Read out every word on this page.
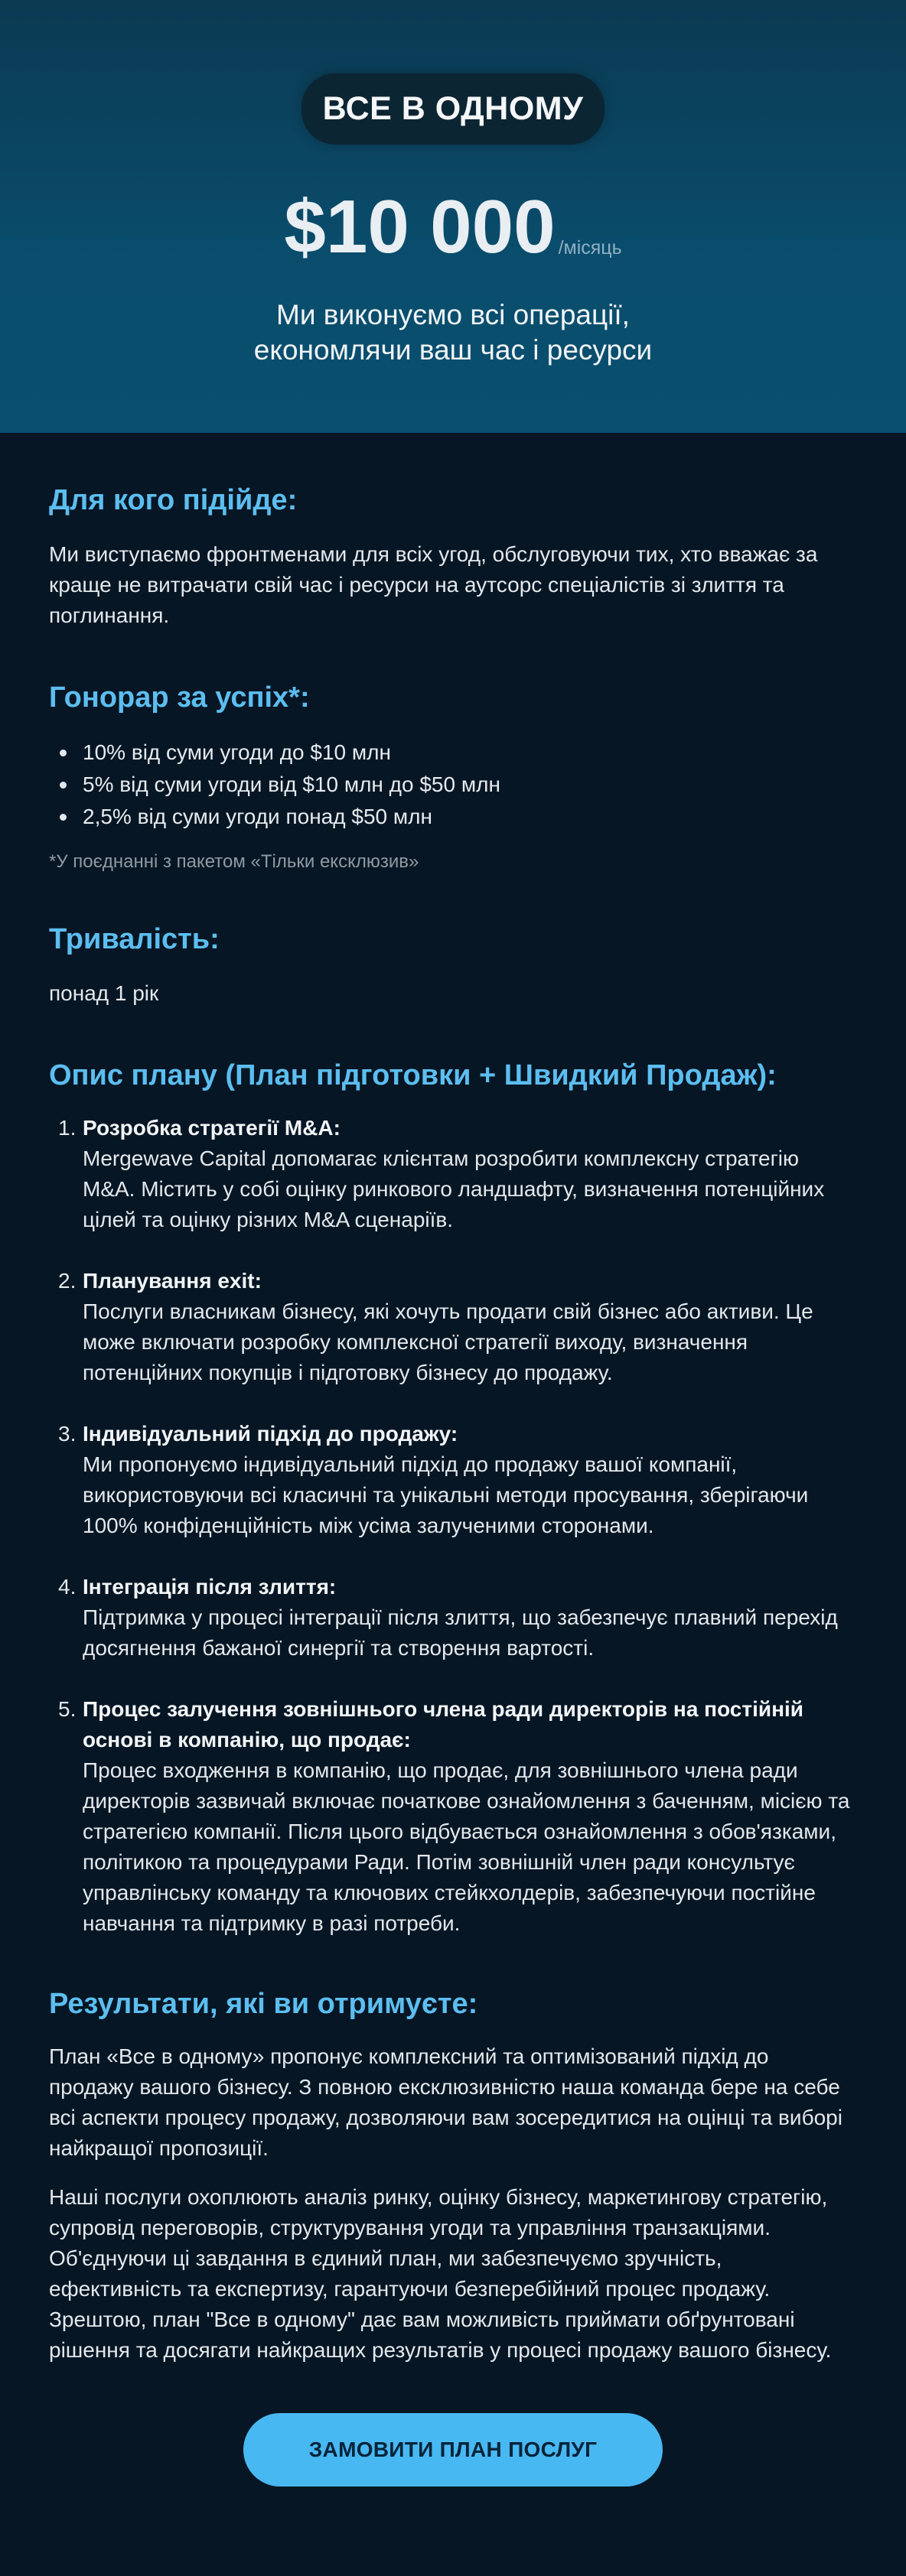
ВСЕ В ОДНОМУ
$10 000 /місяць
Ми виконуємо всі операції,
економлячи ваш час і ресурси
Для кого підійде:

Ми виступаємо фронтменами для всіх угод, обслуговуючи тих, хто вважає за краще не витрачати свій час і ресурси на аутсорс спеціалістів зі злиття та поглинання.

Гонорар за успіх*:
10% від суми угоди до $10 млн
5% від суми угоди від $10 млн до $50 млн
2,5% від суми угоди понад $50 млн

*У поєднанні з пакетом «Тільки ексклюзив»

Тривалість:

понад 1 рік

Опис плану (План підготовки + Швидкий Продаж):
1. Розробка стратегії M&A:
Mergewave Capital допомагає клієнтам розробити комплексну стратегію M&A. Містить у собі оцінку ринкового ландшафту, визначення потенційних цілей та оцінку різних M&A сценаріїв.
2. Планування exit:
Послуги власникам бізнесу, які хочуть продати свій бізнес або активи. Це може включати розробку комплексної стратегії виходу, визначення потенційних покупців і підготовку бізнесу до продажу.
3. Індивідуальний підхід до продажу:
Ми пропонуємо індивідуальний підхід до продажу вашої компанії, використовуючи всі класичні та унікальні методи просування, зберігаючи 100% конфіденційність між усіма залученими сторонами.
4. Інтеграція після злиття:
Підтримка у процесі інтеграції після злиття, що забезпечує плавний перехід досягнення бажаної синергії та створення вартості.
5. Процес залучення зовнішнього члена ради директорів на постійній основі в компанію, що продає:
Процес входження в компанію, що продає, для зовнішнього члена ради директорів зазвичай включає початкове ознайомлення з баченням, місією та стратегією компанії. Після цього відбувається ознайомлення з обов'язками, політикою та процедурами Ради. Потім зовнішній член ради консультує управлінську команду та ключових стейкхолдерів, забезпечуючи постійне навчання та підтримку в разі потреби.
Результати, які ви отримуєте:

План «Все в одному» пропонує комплексний та оптимізований підхід до продажу вашого бізнесу. З повною ексклюзивністю наша команда бере на себе всі аспекти процесу продажу, дозволяючи вам зосередитися на оцінці та виборі найкращої пропозиції.

Наші послуги охоплюють аналіз ринку, оцінку бізнесу, маркетингову стратегію, супровід переговорів, структурування угоди та управління транзакціями. Об'єднуючи ці завдання в єдиний план, ми забезпечуємо зручність, ефективність та експертизу, гарантуючи безперебійний процес продажу. Зрештою, план "Все в одному" дає вам можливість приймати обґрунтовані рішення та досягати найкращих результатів у процесі продажу вашого бізнесу.

ЗАМОВИТИ ПЛАН ПОСЛУГ
